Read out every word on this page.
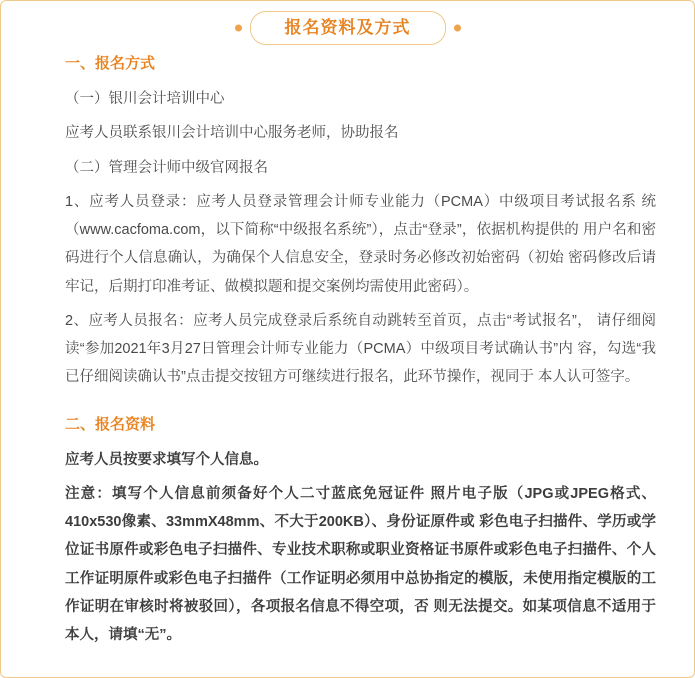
报名资料及方式
一、报名方式

（一）银川会计培训中心

应考人员联系银川会计培训中心服务老师，协助报名

（二）管理会计师中级官网报名

1、应考人员登录：应考人员登录管理会计师专业能力（PCMA）中级项目考试报名系 统（www.cacfoma.com，以下简称“中级报名系统”），点击“登录”，依据机构提供的 用户名和密码进行个人信息确认，为确保个人信息安全，登录时务必修改初始密码（初始 密码修改后请牢记，后期打印准考证、做模拟题和提交案例均需使用此密码）。

2、应考人员报名：应考人员完成登录后系统自动跳转至首页，点击“考试报名”， 请仔细阅读“参加2021年3月27日管理会计师专业能力（PCMA）中级项目考试确认书”内 容，勾选“我已仔细阅读确认书”点击提交按钮方可继续进行报名，此环节操作，视同于 本人认可签字。

二、报名资料

应考人员按要求填写个人信息。

注意：填写个人信息前须备好个人二寸蓝底免冠证件 照片电子版（JPG或JPEG格式、410x530像素、33mmX48mm、不大于200KB）、身份证原件或 彩色电子扫描件、学历或学位证书原件或彩色电子扫描件、专业技术职称或职业资格证书原件或彩色电子扫描件、个人工作证明原件或彩色电子扫描件（工作证明必须用中总协指定的模版，未使用指定模版的工作证明在审核时将被驳回），各项报名信息不得空项，否 则无法提交。如某项信息不适用于本人，请填“无”。
